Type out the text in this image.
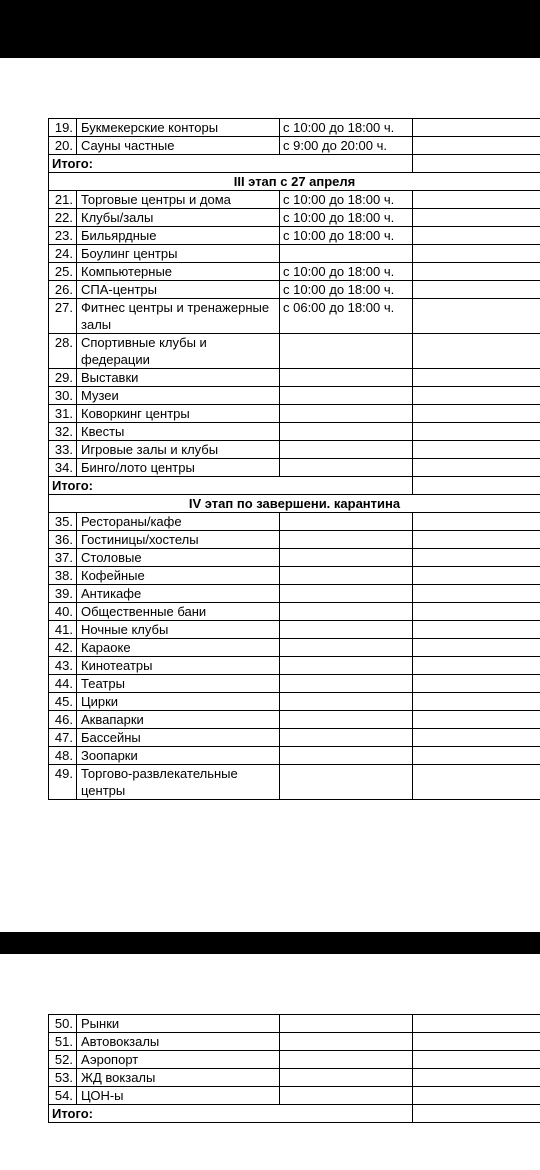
19.	Букмекерские конторы	с 10:00 до 18:00 ч.	
20.	Сауны частные	с 9:00 до 20:00 ч.	
Итого:			
III этап с 27 апреля			
21.	Торговые центры и дома	с 10:00 до 18:00 ч.	
22.	Клубы/залы	с 10:00 до 18:00 ч.	
23.	Бильярдные	с 10:00 до 18:00 ч.	
24.	Боулинг центры		
25.	Компьютерные	с 10:00 до 18:00 ч.	
26.	СПА-центры	с 10:00 до 18:00 ч.	
27.	Фитнес центры и тренажерные залы	с 06:00 до 18:00 ч.	
28.	Спортивные клубы и федерации		
29.	Выставки		
30.	Музеи		
31.	Коворкинг центры		
32.	Квесты		
33.	Игровые залы и клубы		
34.	Бинго/лото центры		
Итого:			
IV этап по завершени. карантина			
35.	Рестораны/кафе		
36.	Гостиницы/хостелы		
37.	Столовые		
38.	Кофейные		
39.	Антикафе		
40.	Общественные бани		
41.	Ночные клубы		
42.	Караоке		
43.	Кинотеатры		
44.	Театры		
45.	Цирки		
46.	Аквапарки		
47.	Бассейны		
48.	Зоопарки		
49.	Торгово-развлекательные центры		
50.	Рынки		
51.	Автовокзалы		
52.	Аэропорт		
53.	ЖД вокзалы		
54.	ЦОН-ы		
Итого:			
